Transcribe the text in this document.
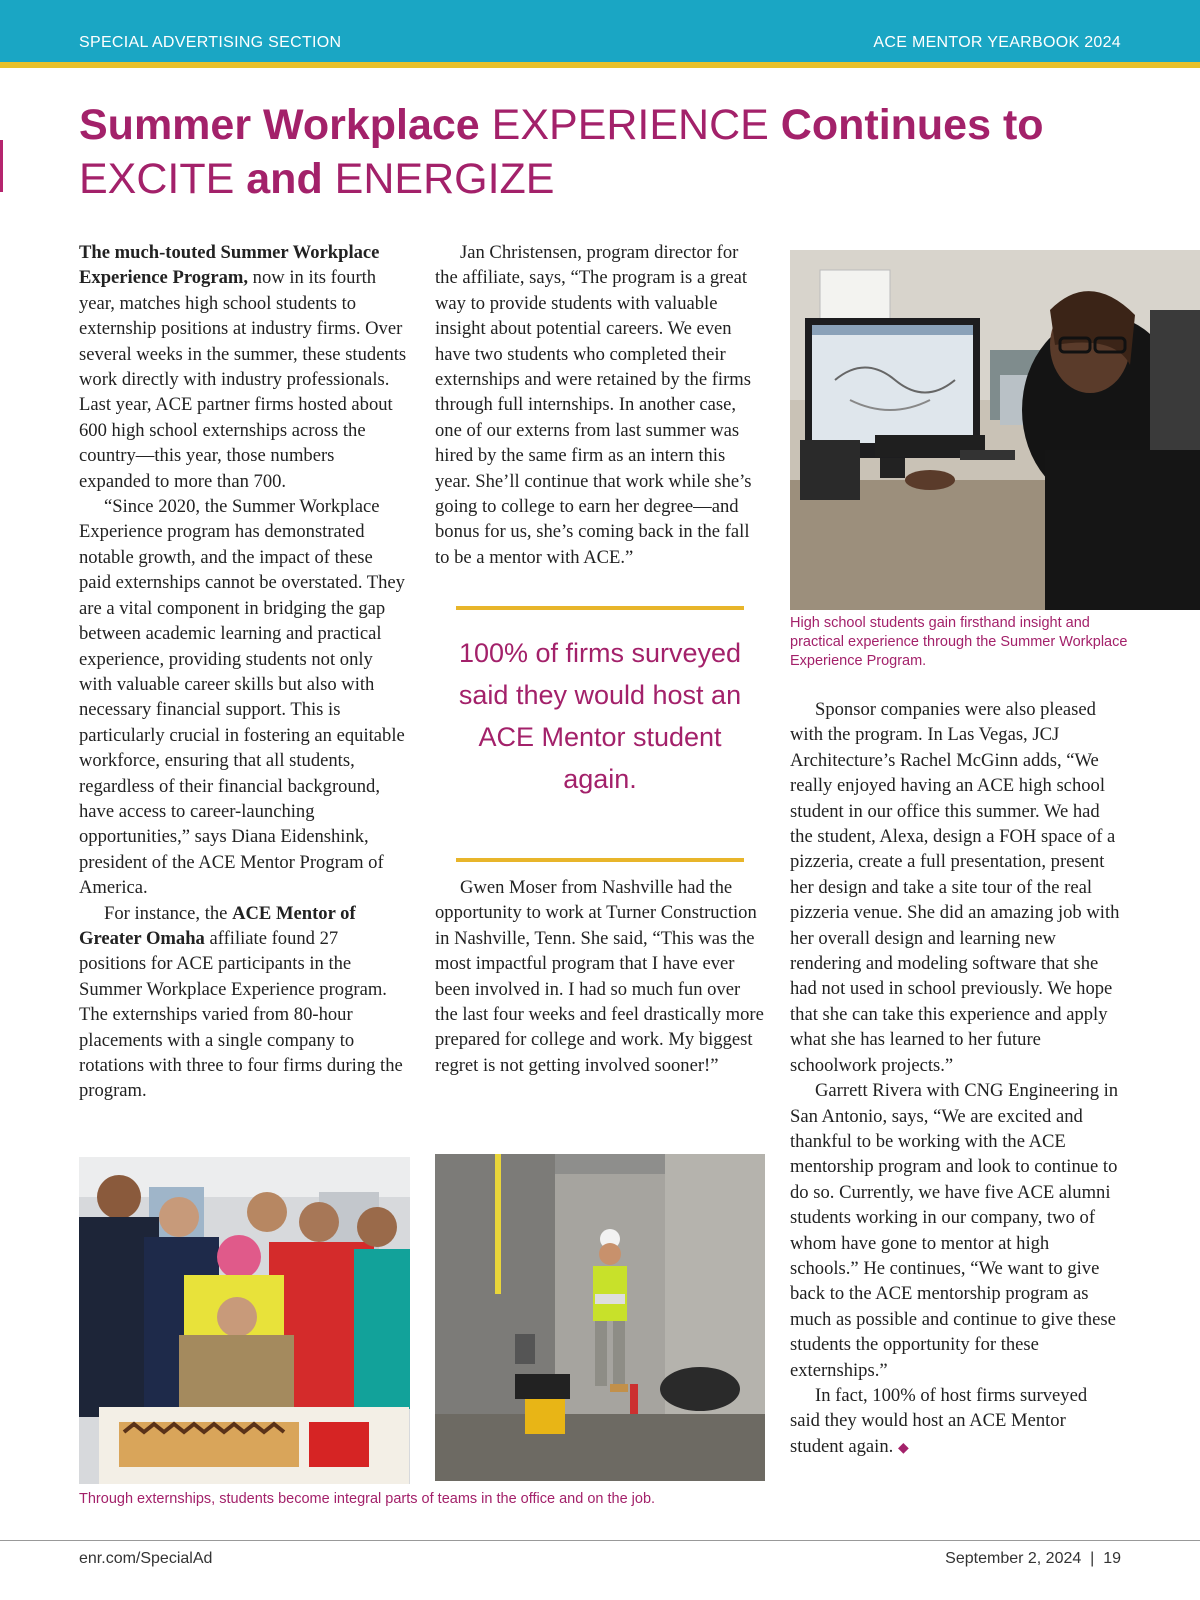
SPECIAL ADVERTISING SECTION	ACE MENTOR YEARBOOK 2024
Summer Workplace EXPERIENCE Continues to
EXCITE and ENERGIZE

The much-touted Summer Workplace Experience Program, now in its fourth year, matches high school students to externship positions at industry firms. Over several weeks in the summer, these students work directly with industry professionals. Last year, ACE partner firms hosted about 600 high school externships across the country—this year, those numbers expanded to more than 700.

“Since 2020, the Summer Workplace Experience program has demonstrated notable growth, and the impact of these paid externships cannot be overstated. They are a vital component in bridging the gap between academic learning and practical experience, providing students not only with valuable career skills but also with necessary financial support. This is particularly crucial in fostering an equitable workforce, ensuring that all students, regardless of their financial background, have access to career-launching opportunities,” says Diana Eidenshink, president of the ACE Mentor Program of America.

For instance, the ACE Mentor of Greater Omaha affiliate found 27 positions for ACE participants in the Summer Workplace Experience program. The externships varied from 80-hour placements with a single company to rotations with three to four firms during the program.

Jan Christensen, program director for the affiliate, says, “The program is a great way to provide students with valuable insight about potential careers. We even have two students who completed their externships and were retained by the firms through full internships. In another case, one of our externs from last summer was hired by the same firm as an intern this year. She’ll continue that work while she’s going to college to earn her degree—and bonus for us, she’s coming back in the fall to be a mentor with ACE.”

100% of firms surveyed said they would host an ACE Mentor student again.

Gwen Moser from Nashville had the opportunity to work at Turner Construction in Nashville, Tenn. She said, “This was the most impactful program that I have ever been involved in. I had so much fun over the last four weeks and feel drastically more prepared for college and work. My biggest regret is not getting involved sooner!”

High school students gain firsthand insight and practical experience through the Summer Workplace Experience Program.

Sponsor companies were also pleased with the program. In Las Vegas, JCJ Architecture’s Rachel McGinn adds, “We really enjoyed having an ACE high school student in our office this summer. We had the student, Alexa, design a FOH space of a pizzeria, create a full presentation, present her design and take a site tour of the real pizzeria venue. She did an amazing job with her overall design and learning new rendering and modeling software that she had not used in school previously. We hope that she can take this experience and apply what she has learned to her future schoolwork projects.”

Garrett Rivera with CNG Engineering in San Antonio, says, “We are excited and thankful to be working with the ACE mentorship program and look to continue to do so. Currently, we have five ACE alumni students working in our company, two of whom have gone to mentor at high schools.” He continues, “We want to give back to the ACE mentorship program as much as possible and continue to give these students the opportunity for these externships.”

In fact, 100% of host firms surveyed said they would host an ACE Mentor student again. ◆

Through externships, students become integral parts of teams in the office and on the job.
enr.com/SpecialAd	September 2, 2024  |  19
